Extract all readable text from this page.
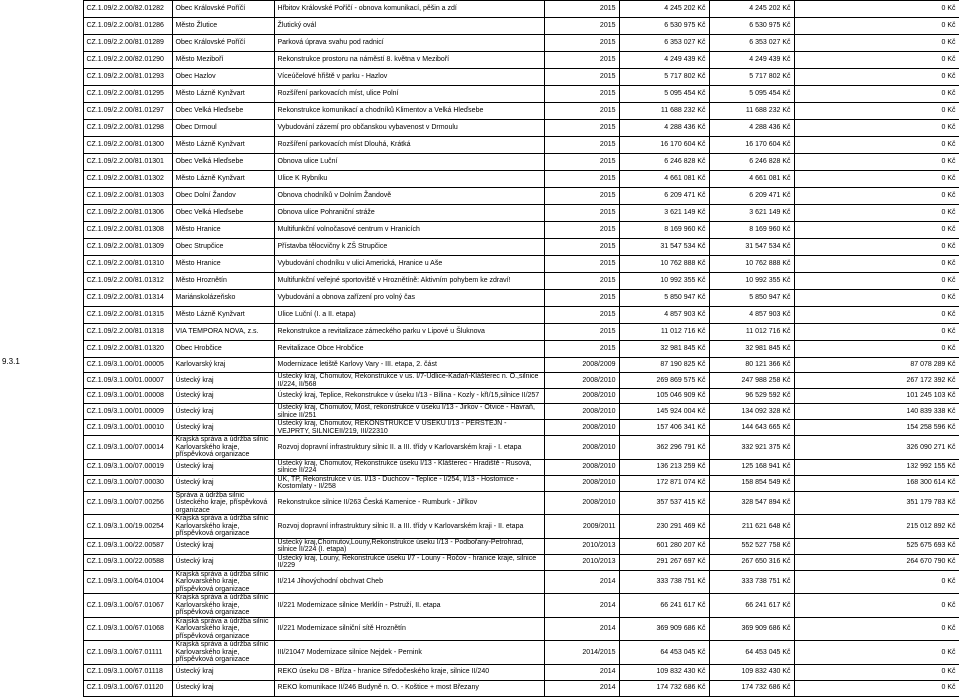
	CZ.1.09/2.2.00/82.01282	Obec Královské Poříčí	Hřbitov Královské Poříčí - obnova komunikací, pěšin a zdí	2015	4 245 202 Kč	4 245 202 Kč	0 Kč
	CZ.1.09/2.2.00/81.01286	Město Žlutice	Žlutický ovál	2015	6 530 975 Kč	6 530 975 Kč	0 Kč
	CZ.1.09/2.2.00/81.01289	Obec Královské Poříčí	Parková úprava svahu pod radnicí	2015	6 353 027 Kč	6 353 027 Kč	0 Kč
	CZ.1.09/2.2.00/82.01290	Město Meziboří	Rekonstrukce prostoru na náměstí 8. května v Meziboří	2015	4 249 439 Kč	4 249 439 Kč	0 Kč
	CZ.1.09/2.2.00/81.01293	Obec Hazlov	Víceúčelové hřiště v parku - Hazlov	2015	5 717 802 Kč	5 717 802 Kč	0 Kč
	CZ.1.09/2.2.00/81.01295	Město Lázně Kynžvart	Rozšíření parkovacích míst, ulice Polní	2015	5 095 454 Kč	5 095 454 Kč	0 Kč
	CZ.1.09/2.2.00/81.01297	Obec Velká Hleďsebe	Rekonstrukce komunikací a chodníků Klimentov a Velká Hleďsebe	2015	11 688 232 Kč	11 688 232 Kč	0 Kč
	CZ.1.09/2.2.00/81.01298	Obec Drmoul	Vybudování zázemí pro občanskou vybavenost v Drmoulu	2015	4 288 436 Kč	4 288 436 Kč	0 Kč
	CZ.1.09/2.2.00/81.01300	Město Lázně Kynžvart	Rozšíření parkovacích míst Dlouhá, Krátká	2015	16 170 604 Kč	16 170 604 Kč	0 Kč
	CZ.1.09/2.2.00/81.01301	Obec Velká Hleďsebe	Obnova ulice Luční	2015	6 246 828 Kč	6 246 828 Kč	0 Kč
	CZ.1.09/2.2.00/81.01302	Město Lázně Kynžvart	Ulice K Rybníku	2015	4 661 081 Kč	4 661 081 Kč	0 Kč
	CZ.1.09/2.2.00/81.01303	Obec Dolní Žandov	Obnova chodníků v Dolním Žandově	2015	6 209 471 Kč	6 209 471 Kč	0 Kč
	CZ.1.09/2.2.00/81.01306	Obec Velká Hleďsebe	Obnova ulice Pohraniční stráže	2015	3 621 149 Kč	3 621 149 Kč	0 Kč
	CZ.1.09/2.2.00/81.01308	Město Hranice	Multifunkční volnočasové centrum v Hranicích	2015	8 169 960 Kč	8 169 960 Kč	0 Kč
	CZ.1.09/2.2.00/81.01309	Obec Strupčice	Přístavba tělocvičny k ZŠ Strupčice	2015	31 547 534 Kč	31 547 534 Kč	0 Kč
	CZ.1.09/2.2.00/81.01310	Město Hranice	Vybudování chodníku v ulici Americká, Hranice u Aše	2015	10 762 888 Kč	10 762 888 Kč	0 Kč
	CZ.1.09/2.2.00/81.01312	Město Hroznětín	Multifunkční veřejné sportoviště v Hroznětíně: Aktivním pohybem ke zdraví!	2015	10 992 355 Kč	10 992 355 Kč	0 Kč
	CZ.1.09/2.2.00/81.01314	Mariánskolázeňsko	Vybudování a obnova zařízení pro volný čas	2015	5 850 947 Kč	5 850 947 Kč	0 Kč
	CZ.1.09/2.2.00/81.01315	Město Lázně Kynžvart	Ulice Luční (I. a II. etapa)	2015	4 857 903 Kč	4 857 903 Kč	0 Kč
	CZ.1.09/2.2.00/81.01318	VIA TEMPORA NOVA, z.s.	Rekonstrukce a revitalizace zámeckého parku v Lipové u Šluknova	2015	11 012 716 Kč	11 012 716 Kč	0 Kč
	CZ.1.09/2.2.00/81.01320	Obec Hrobčice	Revitalizace Obce Hrobčice	2015	32 981 845 Kč	32 981 845 Kč	0 Kč
9.3.1	CZ.1.09/3.1.00/01.00005	Karlovarský kraj	Modernizace letiště Karlovy Vary - III. etapa, 2. část	2008/2009	87 190 825 Kč	80 121 366 Kč	87 078 289 Kč
	CZ.1.09/3.1.00/01.00007	Ústecký kraj	Ústecký kraj, Chomutov, Rekonstrukce v us. I/7-Údlice-Kadaň-Klášterec n. O.,silnice II/224, II/568	2008/2010	269 869 575 Kč	247 988 258 Kč	267 172 392 Kč
	CZ.1.09/3.1.00/01.00008	Ústecký kraj	Ústecký kraj, Teplice, Rekonstrukce v úseku I/13 - Bílina - Kozly - křI/15,silnice II/257	2008/2010	105 046 909 Kč	96 529 592 Kč	101 245 103 Kč
	CZ.1.09/3.1.00/01.00009	Ústecký kraj	Ústecký kraj, Chomutov, Most, rekonstrukce v úseku I/13 - Jirkov - Otvice - Havraň, silnice II/251	2008/2010	145 924 004 Kč	134 092 328 Kč	140 839 338 Kč
	CZ.1.09/3.1.00/01.00010	Ústecký kraj	Ústecký kraj, Chomutov, REKONSTRUKCE V ÚSEKU I/13 - PERŠTEJN - VEJPRTY, SILNICEII/219, III/22310	2008/2010	157 406 341 Kč	144 643 665 Kč	154 258 596 Kč
	CZ.1.09/3.1.00/07.00014	Krajská správa a údržba silnic Karlovarského kraje, příspěvková organizace	Rozvoj dopravní infrastruktury silnic II. a III. třídy v Karlovarském kraji - I. etapa	2008/2010	362 296 791 Kč	332 921 375 Kč	326 090 271 Kč
	CZ.1.09/3.1.00/07.00019	Ústecký kraj	Ústecký kraj, Chomutov, Rekonstrukce úseku I/13 - Klášterec - Hradiště - Rusová, silnice II/224	2008/2010	136 213 259 Kč	125 168 941 Kč	132 992 155 Kč
	CZ.1.09/3.1.00/07.00030	Ústecký kraj	ÚK, TP, Rekonstrukce v ús. I/13 - Duchcov - Teplice - I/254, I/13 - Hostomice - Kostomlaty - II/258	2008/2010	172 871 074 Kč	158 854 549 Kč	168 300 614 Kč
	CZ.1.09/3.1.00/07.00256	Správa a údržba silnic Ústeckého kraje, příspěvková organizace	Rekonstrukce silnice II/263 Česká Kamenice - Rumburk - Jiříkov	2008/2010	357 537 415 Kč	328 547 894 Kč	351 179 783 Kč
	CZ.1.09/3.1.00/19.00254	Krajská správa a údržba silnic Karlovarského kraje, příspěvková organizace	Rozvoj dopravní infrastruktury silnic II. a III. třídy v Karlovarském kraji - II. etapa	2009/2011	230 291 469 Kč	211 621 648 Kč	215 012 892 Kč
	CZ.1.09/3.1.00/22.00587	Ústecký kraj	Ústecký kraj,Chomutov,Louny,Rekonstrukce úseku I/13 - Podbořany-Petrohrad, silnice II/224 (I. etapa)	2010/2013	601 280 207 Kč	552 527 758 Kč	525 675 693 Kč
	CZ.1.09/3.1.00/22.00588	Ústecký kraj	Ústecký kraj, Louny, Rekonstrukce úseku I/7 - Louny - Ročov - hranice kraje, silnice II/229	2010/2013	291 267 697 Kč	267 650 316 Kč	264 670 790 Kč
	CZ.1.09/3.1.00/64.01004	Krajská správa a údržba silnic Karlovarského kraje, příspěvková organizace	II/214 Jihovýchodní obchvat Cheb	2014	333 738 751 Kč	333 738 751 Kč	0 Kč
	CZ.1.09/3.1.00/67.01067	Krajská správa a údržba silnic Karlovarského kraje, příspěvková organizace	II/221 Modernizace silnice Merklín - Pstruží, II. etapa	2014	66 241 617 Kč	66 241 617 Kč	0 Kč
	CZ.1.09/3.1.00/67.01068	Krajská správa a údržba silnic Karlovarského kraje, příspěvková organizace	II/221 Modernizace silniční sítě Hroznětín	2014	369 909 686 Kč	369 909 686 Kč	0 Kč
	CZ.1.09/3.1.00/67.01111	Krajská správa a údržba silnic Karlovarského kraje, příspěvková organizace	III/21047 Modernizace silnice Nejdek - Pernink	2014/2015	64 453 045 Kč	64 453 045 Kč	0 Kč
	CZ.1.09/3.1.00/67.01118	Ústecký kraj	REKO úseku D8 - Bříza - hranice Středočeského kraje, silnice II/240	2014	109 832 430 Kč	109 832 430 Kč	0 Kč
	CZ.1.09/3.1.00/67.01120	Ústecký kraj	REKO komunikace II/246 Budyně n. O. - Koštice + most Březany	2014	174 732 686 Kč	174 732 686 Kč	0 Kč
